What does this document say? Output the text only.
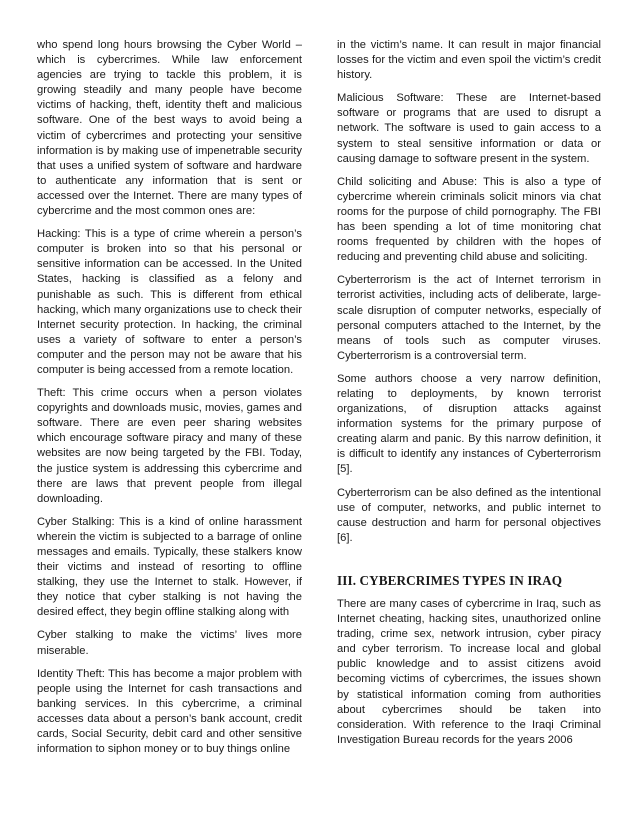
who spend long hours browsing the Cyber World – which is cybercrimes. While law enforcement agencies are trying to tackle this problem, it is growing steadily and many people have become victims of hacking, theft, identity theft and malicious software. One of the best ways to avoid being a victim of cybercrimes and protecting your sensitive information is by making use of impenetrable security that uses a unified system of software and hardware to authenticate any information that is sent or accessed over the Internet. There are many types of cybercrime and the most common ones are:

Hacking: This is a type of crime wherein a person’s computer is broken into so that his personal or sensitive information can be accessed. In the United States, hacking is classified as a felony and punishable as such. This is different from ethical hacking, which many organizations use to check their Internet security protection. In hacking, the criminal uses a variety of software to enter a person’s computer and the person may not be aware that his computer is being accessed from a remote location.

Theft: This crime occurs when a person violates copyrights and downloads music, movies, games and software. There are even peer sharing websites which encourage software piracy and many of these websites are now being targeted by the FBI. Today, the justice system is addressing this cybercrime and there are laws that prevent people from illegal downloading.

Cyber Stalking: This is a kind of online harassment wherein the victim is subjected to a barrage of online messages and emails. Typically, these stalkers know their victims and instead of resorting to offline stalking, they use the Internet to stalk. However, if they notice that cyber stalking is not having the desired effect, they begin offline stalking along with

Cyber stalking to make the victims’ lives more miserable.

Identity Theft: This has become a major problem with people using the Internet for cash transactions and banking services. In this cybercrime, a criminal accesses data about a person’s bank account, credit cards, Social Security, debit card and other sensitive information to siphon money or to buy things online

in the victim’s name. It can result in major financial losses for the victim and even spoil the victim’s credit history.

Malicious Software: These are Internet-based software or programs that are used to disrupt a network. The software is used to gain access to a system to steal sensitive information or data or causing damage to software present in the system.

Child soliciting and Abuse: This is also a type of cybercrime wherein criminals solicit minors via chat rooms for the purpose of child pornography. The FBI has been spending a lot of time monitoring chat rooms frequented by children with the hopes of reducing and preventing child abuse and soliciting.

Cyberterrorism is the act of Internet terrorism in terrorist activities, including acts of deliberate, large-scale disruption of computer networks, especially of personal computers attached to the Internet, by the means of tools such as computer viruses. Cyberterrorism is a controversial term.

Some authors choose a very narrow definition, relating to deployments, by known terrorist organizations, of disruption attacks against information systems for the primary purpose of creating alarm and panic. By this narrow definition, it is difficult to identify any instances of Cyberterrorism [5].

Cyberterrorism can be also defined as the intentional use of computer, networks, and public internet to cause destruction and harm for personal objectives [6].

III. CYBERCRIMES TYPES IN IRAQ

There are many cases of cybercrime in Iraq, such as Internet cheating, hacking sites, unauthorized online trading, crime sex, network intrusion, cyber piracy and cyber terrorism. To increase local and global public knowledge and to assist citizens avoid becoming victims of cybercrimes, the issues shown by statistical information coming from authorities about cybercrimes should be taken into consideration. With reference to the Iraqi Criminal Investigation Bureau records for the years 2006
